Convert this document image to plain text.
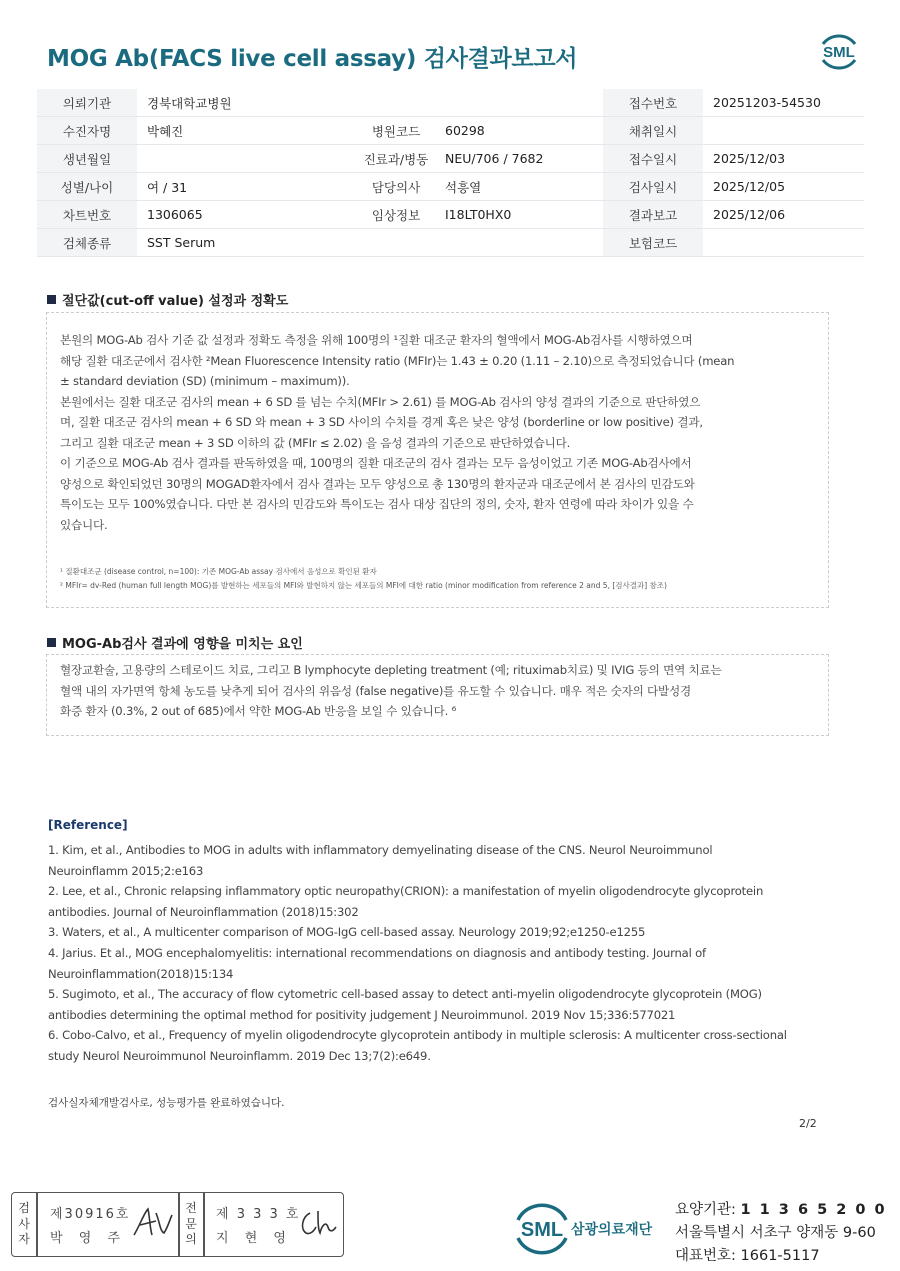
MOG Ab(FACS live cell assay) 검사결과보고서	SML
의뢰기관	경북대학교병원			접수번호	20251203-54530
수진자명	박혜진	병원코드	60298	채취일시	
생년월일		진료과/병동	NEU/706 / 7682	접수일시	2025/12/03
성별/나이	여 / 31	담당의사	석흥열	검사일시	2025/12/05
차트번호	1306065	임상정보	I18LT0HX0	결과보고	2025/12/06
검체종류	SST Serum			보험코드	
절단값(cut-off value) 설정과 정확도
본원의 MOG-Ab 검사 기준 값 설정과 정확도 측정을 위해 100명의 ¹질환 대조군 환자의 혈액에서 MOG-Ab검사를 시행하였으며
해당 질환 대조군에서 검사한 ²Mean Fluorescence Intensity ratio (MFIr)는 1.43 ± 0.20 (1.11 – 2.10)으로 측정되었습니다 (mean
± standard deviation (SD) (minimum – maximum)).
본원에서는 질환 대조군 검사의 mean + 6 SD 를 넘는 수치(MFIr > 2.61) 를 MOG-Ab 검사의 양성 결과의 기준으로 판단하였으
며, 질환 대조군 검사의 mean + 6 SD 와 mean + 3 SD 사이의 수치를 경계 혹은 낮은 양성 (borderline or low positive) 결과,
그리고 질환 대조군 mean + 3 SD 이하의 값 (MFIr ≤ 2.02) 을 음성 결과의 기준으로 판단하였습니다.
이 기준으로 MOG-Ab 검사 결과를 판독하였을 때, 100명의 질환 대조군의 검사 결과는 모두 음성이었고 기존 MOG-Ab검사에서
양성으로 확인되었던 30명의 MOGAD환자에서 검사 결과는 모두 양성으로 총 130명의 환자군과 대조군에서 본 검사의 민감도와
특이도는 모두 100%였습니다. 다만 본 검사의 민감도와 특이도는 검사 대상 집단의 정의, 숫자, 환자 연령에 따라 차이가 있을 수
있습니다.
¹ 질환대조군 (disease control, n=100): 기존 MOG-Ab assay 검사에서 음성으로 확인된 환자
² MFIr= dv-Red (human full length MOG)를 발현하는 세포들의 MFI와 발현하지 않는 세포들의 MFI에 대한 ratio (minor modification from reference 2 and 5, [검사결과] 참조)
MOG-Ab검사 결과에 영향을 미치는 요인
혈장교환술, 고용량의 스테로이드 치료, 그리고 B lymphocyte depleting treatment (예; rituximab치료) 및 IVIG 등의 면역 치료는
혈액 내의 자가면역 항체 농도를 낮추게 되어 검사의 위음성 (false negative)를 유도할 수 있습니다. 매우 적은 숫자의 다발성경
화증 환자 (0.3%, 2 out of 685)에서 약한 MOG-Ab 반응을 보일 수 있습니다. ⁶
[Reference]
1. Kim, et al., Antibodies to MOG in adults with inflammatory demyelinating disease of the CNS. Neurol Neuroimmunol
Neuroinflamm 2015;2:e163
2. Lee, et al., Chronic relapsing inflammatory optic neuropathy(CRION): a manifestation of myelin oligodendrocyte glycoprotein
antibodies. Journal of Neuroinflammation (2018)15:302
3. Waters, et al., A multicenter comparison of MOG-IgG cell-based assay. Neurology 2019;92;e1250-e1255
4. Jarius. Et al., MOG encephalomyelitis: international recommendations on diagnosis and antibody testing. Journal of
Neuroinflammation(2018)15:134
5. Sugimoto, et al., The accuracy of flow cytometric cell-based assay to detect anti-myelin oligodendrocyte glycoprotein (MOG)
antibodies determining the optimal method for positivity judgement J Neuroimmunol. 2019 Nov 15;336:577021
6. Cobo-Calvo, et al., Frequency of myelin oligodendrocyte glycoprotein antibody in multiple sclerosis: A multicenter cross-sectional
study Neurol Neuroimmunol Neuroinflamm. 2019 Dec 13;7(2):e649.
검사실자체개발검사로, 성능평가를 완료하였습니다.
2/2
검
사
자
제30916호
박 영 주
전
문
의
제 3 3 3 호
지 현 영	SML 삼광의료재단
요양기관: 1 1 3 6 5 2 0 0
서울특별시 서초구 양재동 9-60
대표번호: 1661-5117
